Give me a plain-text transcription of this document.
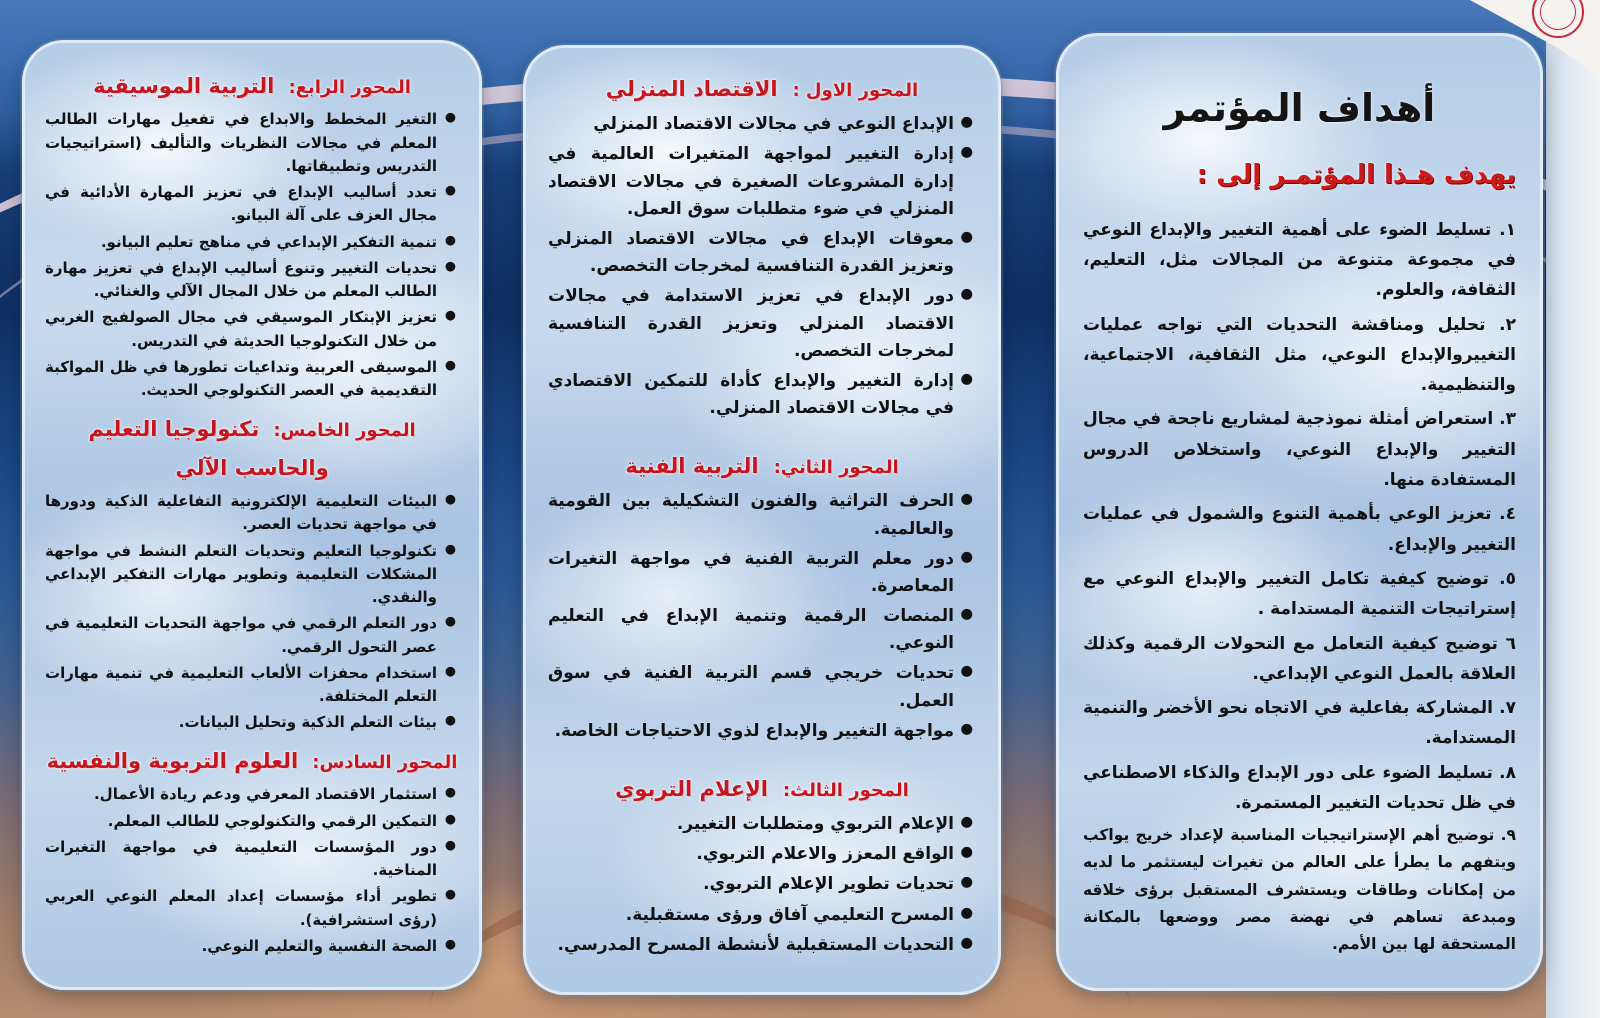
المحور الرابع: التربية الموسيقية
● التغير المخطط والابداع في تفعيل مهارات الطالب المعلم في مجالات النظريات والتأليف (استراتيجيات التدريس وتطبيقاتها.
● تعدد أساليب الإبداع في تعزيز المهارة الأدائية في مجال العزف على آلة البيانو.
● تنمية التفكير الإبداعي في مناهج تعليم البيانو.
● تحديات التغيير وتنوع أساليب الإبداع في تعزيز مهارة الطالب المعلم من خلال المجال الآلي والغنائي.
● تعزيز الإبتكار الموسيقي في مجال الصولفيج الغربي من خلال التكنولوجيا الحديثة في التدريس.
● الموسيقى العربية وتداعيات تطورها في ظل المواكبة التقديمية في العصر التكنولوجي الحديث.
المحور الخامس: تكنولوجيا التعليم
والحاسب الآلي
● البيئات التعليمية الإلكترونية التفاعلية الذكية ودورها في مواجهة تحديات العصر.
● تكنولوجيا التعليم وتحديات التعلم النشط في مواجهة المشكلات التعليمية وتطوير مهارات التفكير الإبداعي والنقدي.
● دور التعلم الرقمي في مواجهة التحديات التعليمية في عصر التحول الرقمي.
● استخدام محفزات الألعاب التعليمية في تنمية مهارات التعلم المختلفة.
● بيئات التعلم الذكية وتحليل البيانات.
المحور السادس: العلوم التربوية والنفسية
● استثمار الاقتصاد المعرفي ودعم ريادة الأعمال.
● التمكين الرقمي والتكنولوجي للطالب المعلم.
● دور المؤسسات التعليمية في مواجهة التغيرات المناخية.
● تطوير أداء مؤسسات إعداد المعلم النوعي العربي (رؤى استشرافية).
● الصحة النفسية والتعليم النوعي.
المحور الاول : الاقتصاد المنزلي
● الإبداع النوعي في مجالات الاقتصاد المنزلي
● إدارة التغيير لمواجهة المتغيرات العالمية في إدارة المشروعات الصغيرة في مجالات الاقتصاد المنزلي في ضوء متطلبات سوق العمل.
● معوقات الإبداع في مجالات الاقتصاد المنزلي وتعزيز القدرة التنافسية لمخرجات التخصص.
● دور الإبداع في تعزيز الاستدامة في مجالات الاقتصاد المنزلي وتعزيز القدرة التنافسية لمخرجات التخصص.
● إدارة التغيير والإبداع كأداة للتمكين الاقتصادي في مجالات الاقتصاد المنزلي.
المحور الثاني: التربية الفنية
● الحرف التراثية والفنون التشكيلية بين القومية والعالمية.
● دور معلم التربية الفنية في مواجهة التغيرات المعاصرة.
● المنصات الرقمية وتنمية الإبداع في التعليم النوعي.
● تحديات خريجي قسم التربية الفنية في سوق العمل.
● مواجهة التغيير والإبداع لذوي الاحتياجات الخاصة.
المحور الثالث: الإعلام التربوي
● الإعلام التربوي ومتطلبات التغيير.
● الواقع المعزز والاعلام التربوي.
● تحديات تطوير الإعلام التربوي.
● المسرح التعليمي آفاق ورؤى مستقبلية.
● التحديات المستقبلية لأنشطة المسرح المدرسي.
أهداف المؤتمر
يهدف هـذا المؤتمـر إلى :

١. تسليط الضوء على أهمية التغيير والإبداع النوعي في مجموعة متنوعة من المجالات مثل، التعليم، الثقافة، والعلوم.

٢. تحليل ومناقشة التحديات التي تواجه عمليات التغييروالإبداع النوعي، مثل الثقافية، الاجتماعية، والتنظيمية.

٣. استعراض أمثلة نموذجية لمشاريع ناجحة في مجال التغيير والإبداع النوعي، واستخلاص الدروس المستفادة منها.

٤. تعزيز الوعي بأهمية التنوع والشمول في عمليات التغيير والإبداع.

٥. توضيح كيفية تكامل التغيير والإبداع النوعي مع إستراتيجات التنمية المستدامة .

٦ توضيح كيفية التعامل مع التحولات الرقمية وكذلك العلاقة بالعمل النوعي الإبداعي.

٧. المشاركة بفاعلية في الاتجاه نحو الأخضر والتنمية المستدامة.

٨. تسليط الضوء على دور الإبداع والذكاء الاصطناعي في ظل تحديات التغيير المستمرة.

٩. توضيح أهم الإستراتيجيات المناسبة لإعداد خريج يواكب ويتفهم ما يطرأ على العالم من تغيرات ليستثمر ما لديه من إمكانات وطاقات ويستشرف المستقبل برؤى خلاقه ومبدعة تساهم في نهضة مصر ووضعها بالمكانة المستحقة لها بين الأمم.
